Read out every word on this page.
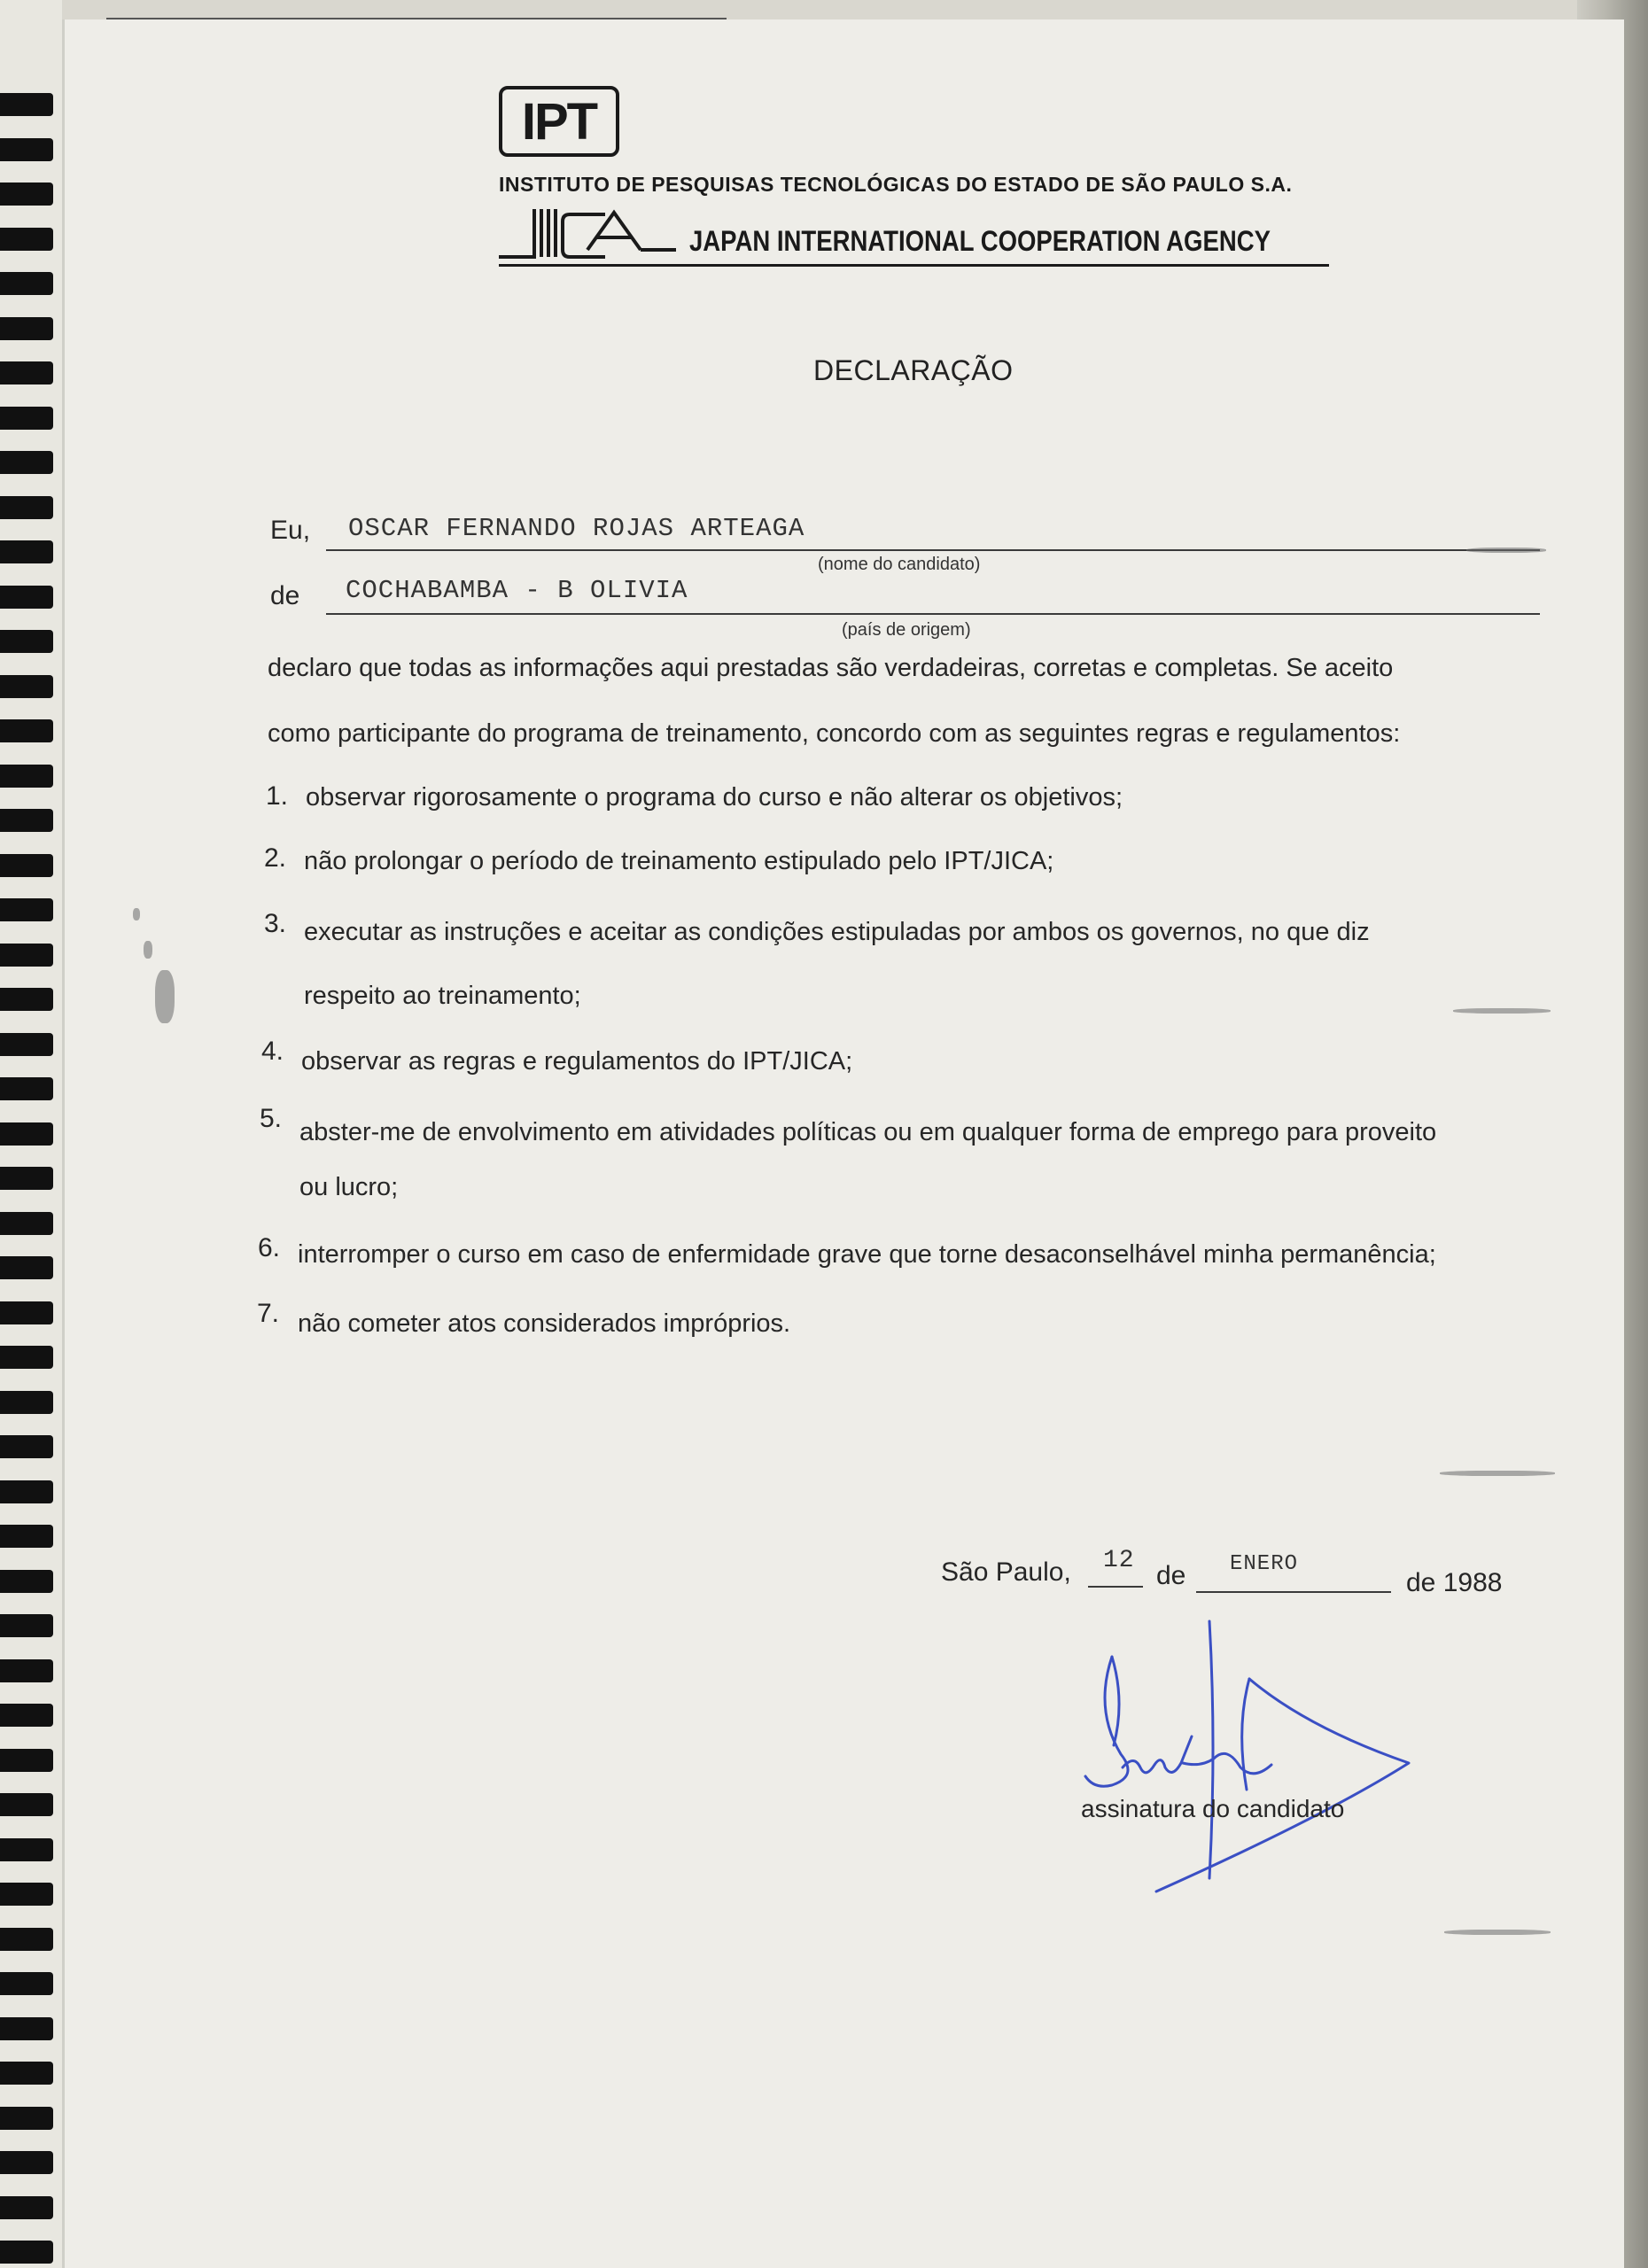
IPT
INSTITUTO DE PESQUISAS TECNOLÓGICAS DO ESTADO DE SÃO PAULO S.A.
JAPAN INTERNATIONAL COOPERATION AGENCY
DECLARAÇÃO
Eu, OSCAR FERNANDO ROJAS ARTEAGA
(nome do candidato)
de COCHABAMBA - B OLIVIA
(país de origem)
declaro que todas as informações aqui prestadas são verdadeiras, corretas e completas. Se aceito
como participante do programa de treinamento, concordo com as seguintes regras e regulamentos:
1. observar rigorosamente o programa do curso e não alterar os objetivos;
2. não prolongar o período de treinamento estipulado pelo IPT/JICA;
3. executar as instruções e aceitar as condições estipuladas por ambos os governos, no que diz
respeito ao treinamento;
4. observar as regras e regulamentos do IPT/JICA;
5. abster-me de envolvimento em atividades políticas ou em qualquer forma de emprego para proveito
ou lucro;
6. interromper o curso em caso de enfermidade grave que torne desaconselhável minha permanência;
7. não cometer atos considerados impróprios.
São Paulo, 12
de ENERO
de 1988
assinatura do candidato
